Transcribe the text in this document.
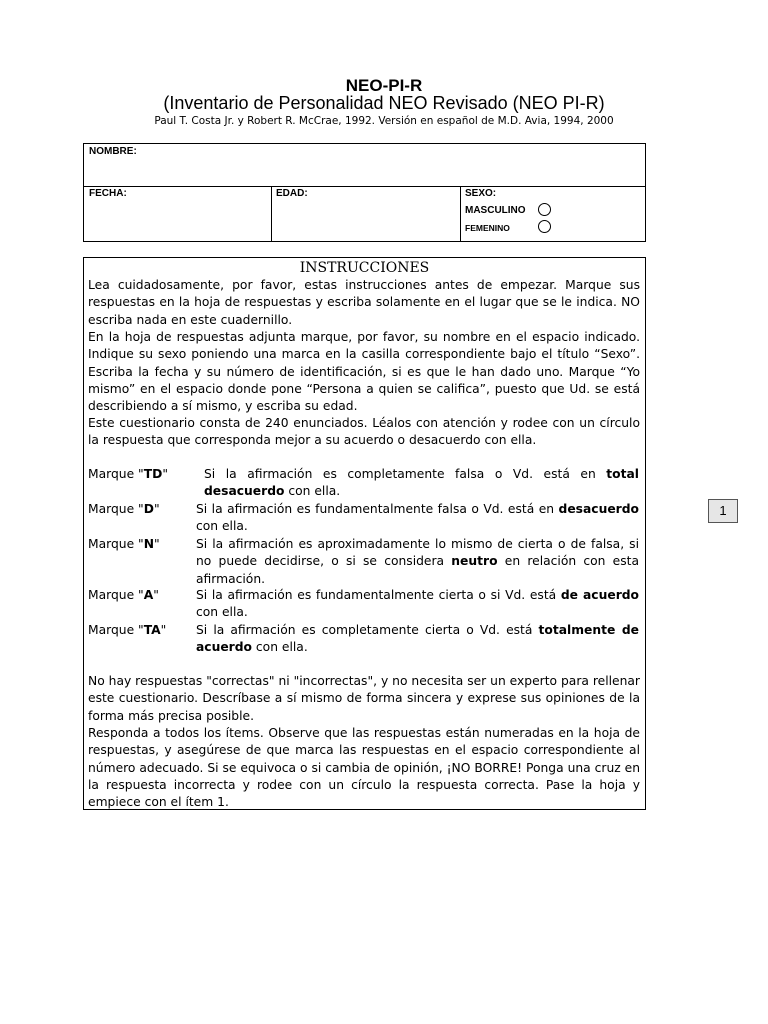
NEO-PI-R
(Inventario de Personalidad NEO Revisado (NEO PI-R)
Paul T. Costa Jr. y Robert R. McCrae, 1992. Versión en español de M.D. Avia, 1994, 2000
NOMBRE:
FECHA:	EDAD:	SEXO:
MASCULINO
FEMENINO
INSTRUCCIONES

Lea cuidadosamente, por favor, estas instrucciones antes de empezar. Marque sus respuestas en la hoja de respuestas y escriba solamente en el lugar que se le indica. NO escriba nada en este cuadernillo.

En la hoja de respuestas adjunta marque, por favor, su nombre en el espacio indicado. Indique su sexo poniendo una marca en la casilla correspondiente bajo el título “Sexo”. Escriba la fecha y su número de identificación, si es que le han dado uno. Marque “Yo mismo” en el espacio donde pone “Persona a quien se califica”, puesto que Ud. se está describiendo a sí mismo, y escriba su edad.

Este cuestionario consta de 240 enunciados. Léalos con atención y rodee con un círculo la respuesta que corresponda mejor a su acuerdo o desacuerdo con ella.

Marque "TD"	Si la afirmación es completamente falsa o Vd. está en total desacuerdo con ella.
Marque "D"	Si la afirmación es fundamentalmente falsa o Vd. está en desacuerdo con ella.
Marque "N"	Si la afirmación es aproximadamente lo mismo de cierta o de falsa, si no puede decidirse, o si se considera neutro en relación con esta afirmación.
Marque "A"	Si la afirmación es fundamentalmente cierta o si Vd. está de acuerdo con ella.
Marque "TA" Si la afirmación es completamente cierta o Vd. está totalmente de acuerdo con ella.

No hay respuestas "correctas" ni "incorrectas", y no necesita ser un experto para rellenar este cuestionario. Descríbase a sí mismo de forma sincera y exprese sus opiniones de la forma más precisa posible.

Responda a todos los ítems. Observe que las respuestas están numeradas en la hoja de respuestas, y asegúrese de que marca las respuestas en el espacio correspondiente al número adecuado. Si se equivoca o si cambia de opinión, ¡NO BORRE! Ponga una cruz en la respuesta incorrecta y rodee con un círculo la respuesta correcta. Pase la hoja y empiece con el ítem 1.

1
